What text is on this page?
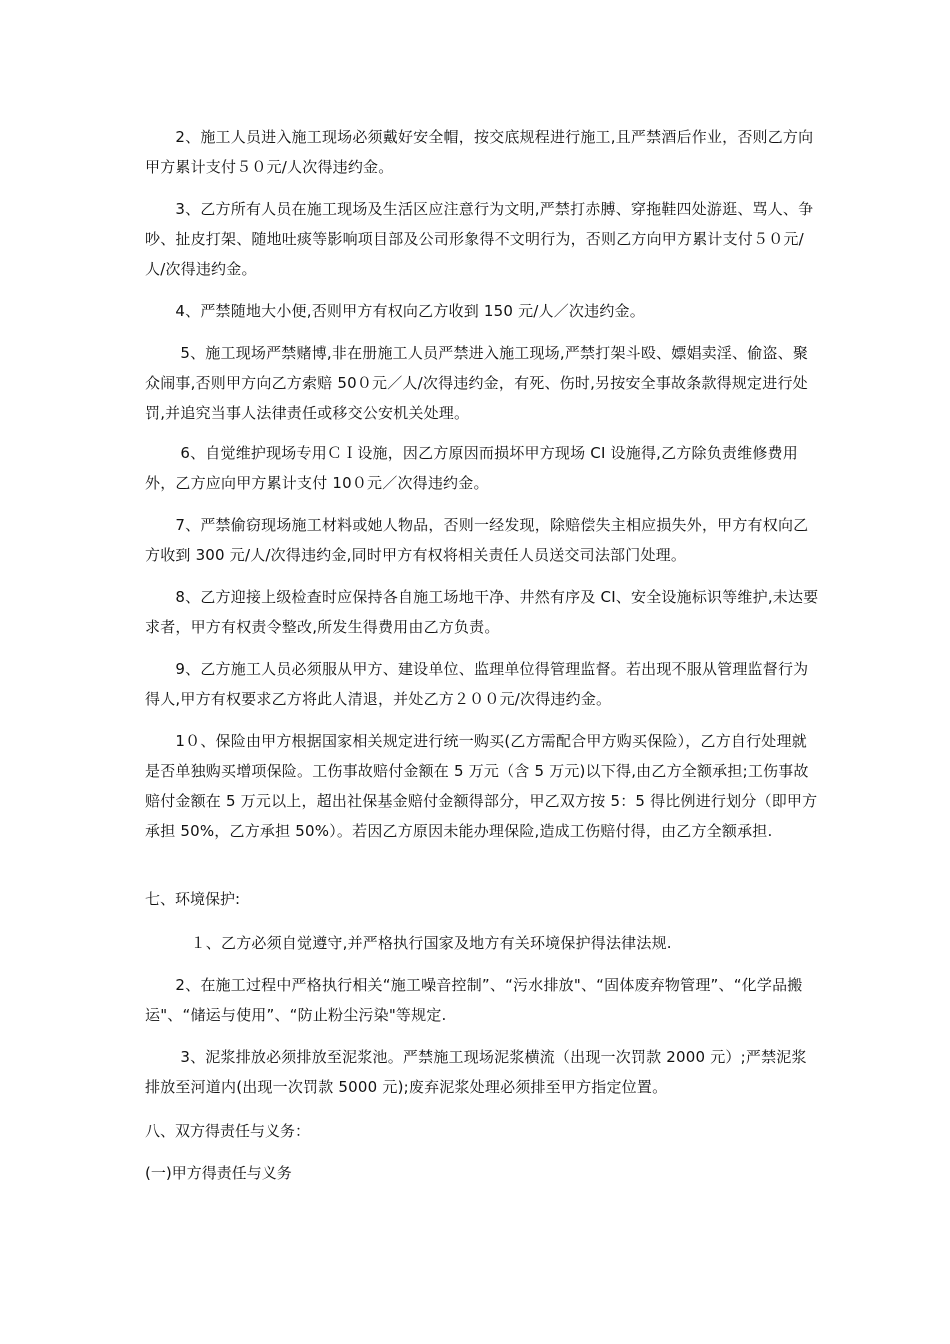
　　2、施工人员进入施工现场必须戴好安全帽，按交底规程进行施工,且严禁酒后作业，否则乙方向甲方累计支付５０元/人次得违约金。

　　3、乙方所有人员在施工现场及生活区应注意行为文明,严禁打赤膊、穿拖鞋四处游逛、骂人、争吵、扯皮打架、随地吐痰等影响项目部及公司形象得不文明行为，否则乙方向甲方累计支付５０元/人/次得违约金。

　　4、严禁随地大小便,否则甲方有权向乙方收到 150 元/人／次违约金。

　　 5、施工现场严禁赌博,非在册施工人员严禁进入施工现场,严禁打架斗殴、嫖娼卖淫、偷盗、聚众闹事,否则甲方向乙方索赔 50０元／人/次得违约金，有死、伤时,另按安全事故条款得规定进行处罚,并追究当事人法律责任或移交公安机关处理。

　　 6、自觉维护现场专用ＣＩ设施，因乙方原因而损坏甲方现场 CI 设施得,乙方除负责维修费用外，乙方应向甲方累计支付 10０元／次得违约金。

　　7、严禁偷窃现场施工材料或她人物品，否则一经发现，除赔偿失主相应损失外，甲方有权向乙方收到 300 元/人/次得违约金,同时甲方有权将相关责任人员送交司法部门处理。

　　8、乙方迎接上级检查时应保持各自施工场地干净、井然有序及 CI、安全设施标识等维护,未达要求者，甲方有权责令整改,所发生得费用由乙方负责。

　　9、乙方施工人员必须服从甲方、建设单位、监理单位得管理监督。若出现不服从管理监督行为得人,甲方有权要求乙方将此人清退，并处乙方２００元/次得违约金。

　　1０、保险由甲方根据国家相关规定进行统一购买(乙方需配合甲方购买保险），乙方自行处理就是否单独购买增项保险。工伤事故赔付金额在 5 万元（含 5 万元)以下得,由乙方全额承担;工伤事故赔付金额在 5 万元以上，超出社保基金赔付金额得部分，甲乙双方按 5：5 得比例进行划分（即甲方承担 50%，乙方承担 50%）。若因乙方原因未能办理保险,造成工伤赔付得，由乙方全额承担.

七、环境保护:

　　　１、乙方必须自觉遵守,并严格执行国家及地方有关环境保护得法律法规.

　　2、在施工过程中严格执行相关“施工噪音控制”、“污水排放"、“固体废弃物管理”、“化学品搬运"、“储运与使用”、“防止粉尘污染"等规定.

　　 3、泥浆排放必须排放至泥浆池。严禁施工现场泥浆横流（出现一次罚款 2000 元）;严禁泥浆排放至河道内(出现一次罚款 5000 元);废弃泥浆处理必须排至甲方指定位置。

八、双方得责任与义务：

(一)甲方得责任与义务
